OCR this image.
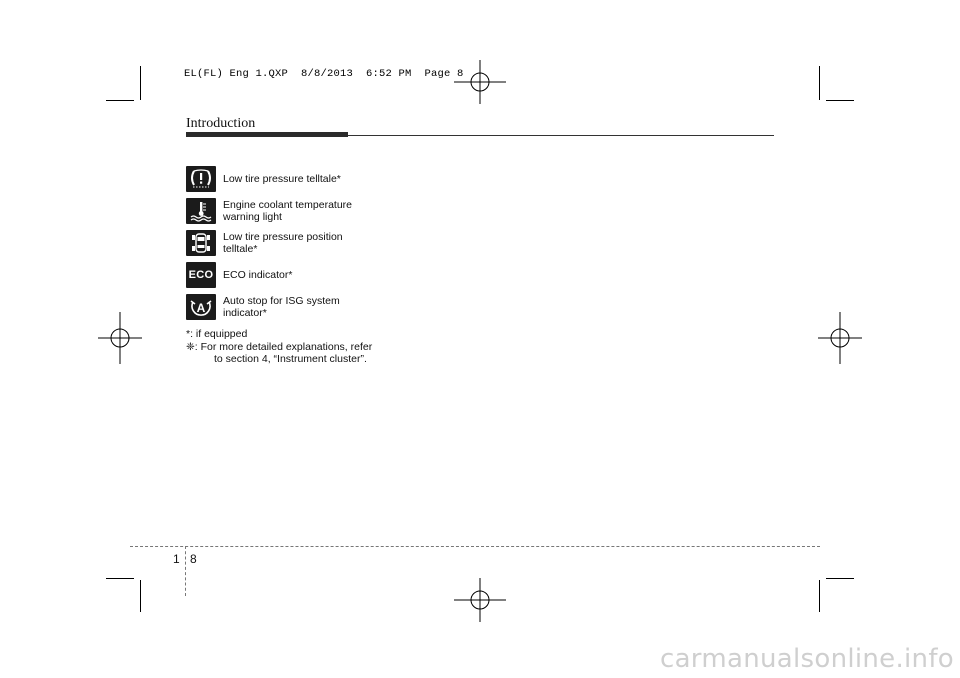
EL(FL) Eng 1.QXP  8/8/2013  6:52 PM  Page 8
Introduction
Low tire pressure telltale*
Engine coolant temperature
warning light
Low tire pressure position
telltale*
ECO ECO indicator*
A Auto stop for ISG system
indicator*
*: if equipped
❈: For more detailed explanations, refer
to section 4, “Instrument cluster”.
1 8
carmanualsonline.info
